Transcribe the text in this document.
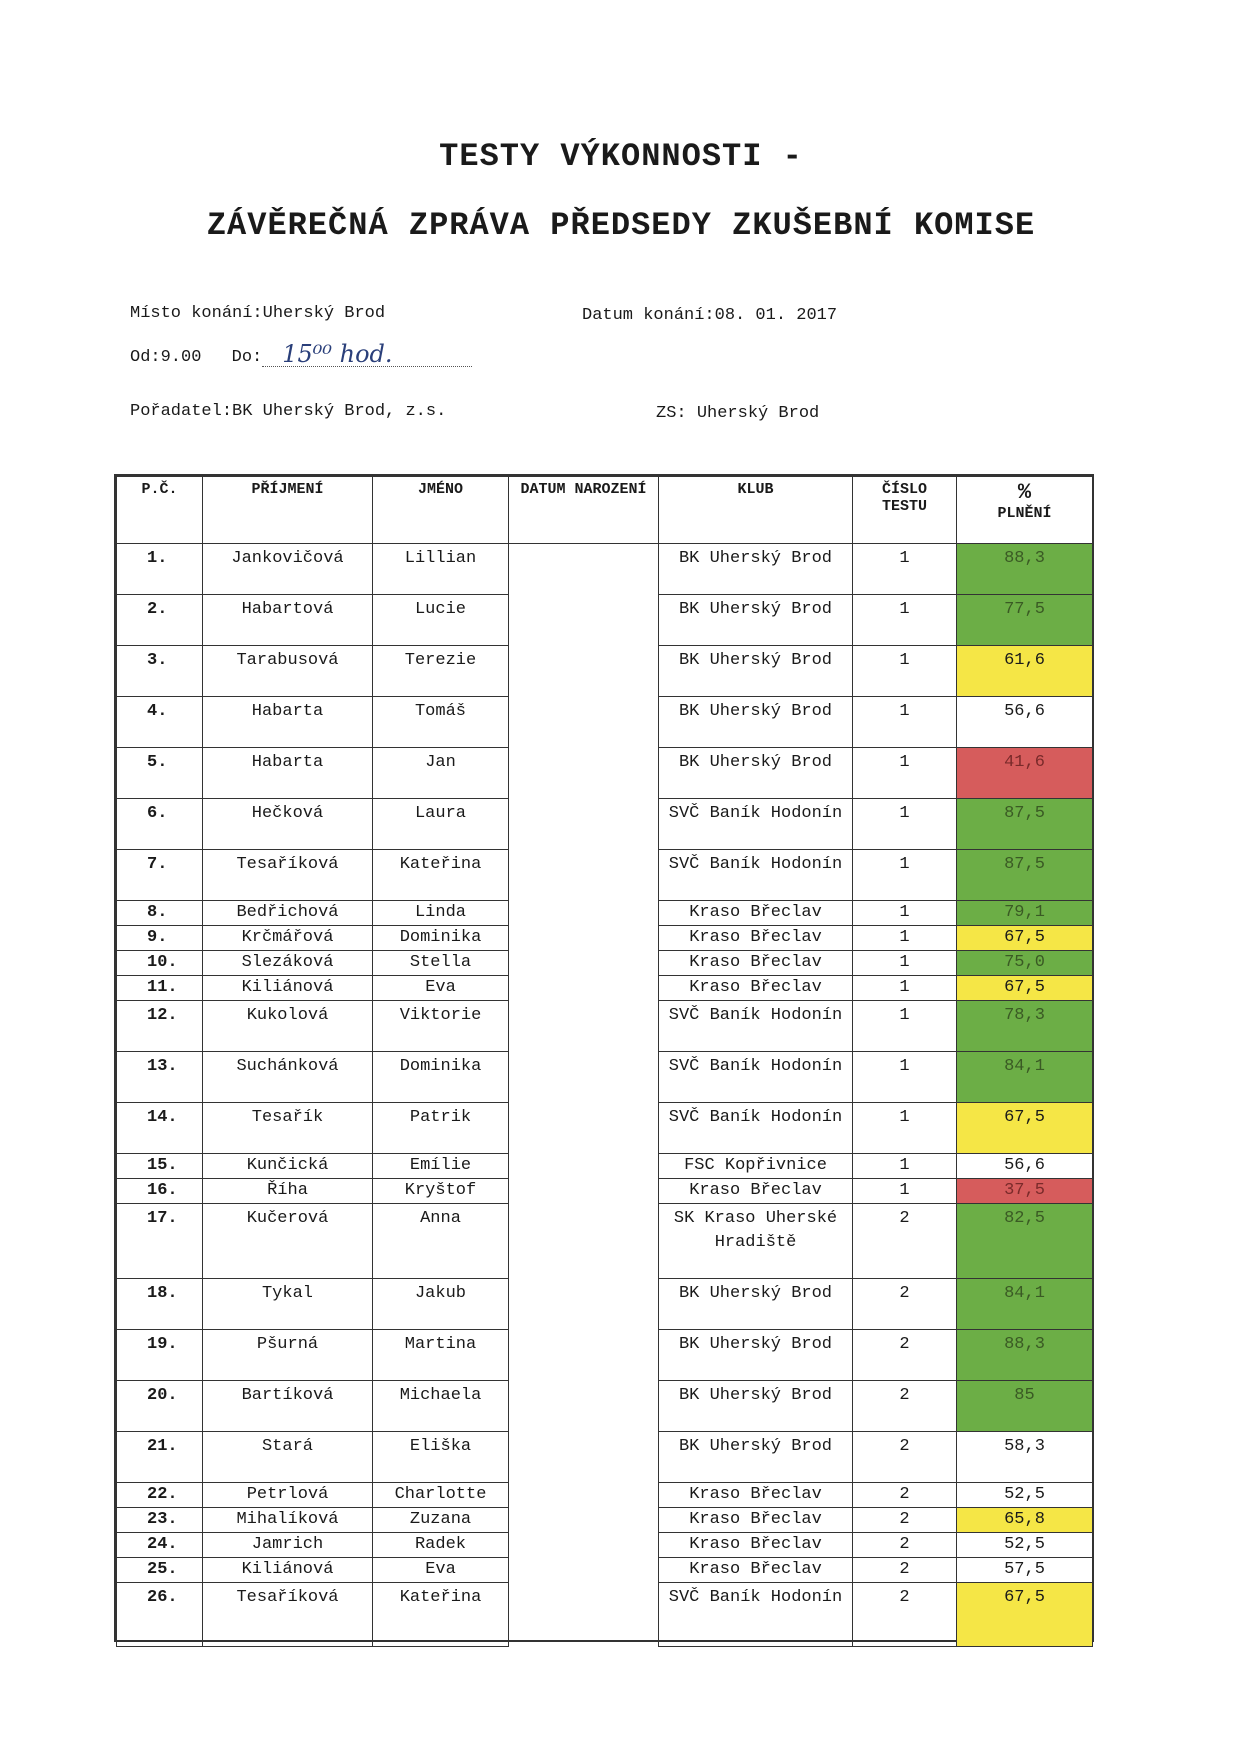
TESTY VÝKONNOSTI -
ZÁVĚREČNÁ ZPRÁVA PŘEDSEDY ZKUŠEBNÍ KOMISE
Místo konání:Uherský Brod	Datum konání:08. 01. 2017
Od:9.00 Do: 15⁰⁰ hod.
Pořadatel:BK Uherský Brod, z.s.	ZS: Uherský Brod
P.Č.	PŘÍJMENÍ	JMÉNO	DATUM NAROZENÍ	KLUB	ČÍSLO TESTU	%
PLNĚNÍ
1.	Jankovičová	Lillian		BK Uherský Brod	1	88,3
2.	Habartová	Lucie		BK Uherský Brod	1	77,5
3.	Tarabusová	Terezie		BK Uherský Brod	1	61,6
4.	Habarta	Tomáš		BK Uherský Brod	1	56,6
5.	Habarta	Jan		BK Uherský Brod	1	41,6
6.	Hečková	Laura		SVČ Baník Hodonín	1	87,5
7.	Tesaříková	Kateřina		SVČ Baník Hodonín	1	87,5
8.	Bedřichová	Linda		Kraso Břeclav	1	79,1
9.	Krčmářová	Dominika		Kraso Břeclav	1	67,5
10.	Slezáková	Stella		Kraso Břeclav	1	75,0
11.	Kiliánová	Eva		Kraso Břeclav	1	67,5
12.	Kukolová	Viktorie		SVČ Baník Hodonín	1	78,3
13.	Suchánková	Dominika		SVČ Baník Hodonín	1	84,1
14.	Tesařík	Patrik		SVČ Baník Hodonín	1	67,5
15.	Kunčická	Emílie		FSC Kopřivnice	1	56,6
16.	Říha	Kryštof		Kraso Břeclav	1	37,5
17.	Kučerová	Anna		SK Kraso Uherské Hradiště	2	82,5
18.	Tykal	Jakub		BK Uherský Brod	2	84,1
19.	Pšurná	Martina		BK Uherský Brod	2	88,3
20.	Bartíková	Michaela		BK Uherský Brod	2	85
21.	Stará	Eliška		BK Uherský Brod	2	58,3
22.	Petrlová	Charlotte		Kraso Břeclav	2	52,5
23.	Mihalíková	Zuzana		Kraso Břeclav	2	65,8
24.	Jamrich	Radek		Kraso Břeclav	2	52,5
25.	Kiliánová	Eva		Kraso Břeclav	2	57,5
26.	Tesaříková	Kateřina		SVČ Baník Hodonín	2	67,5
